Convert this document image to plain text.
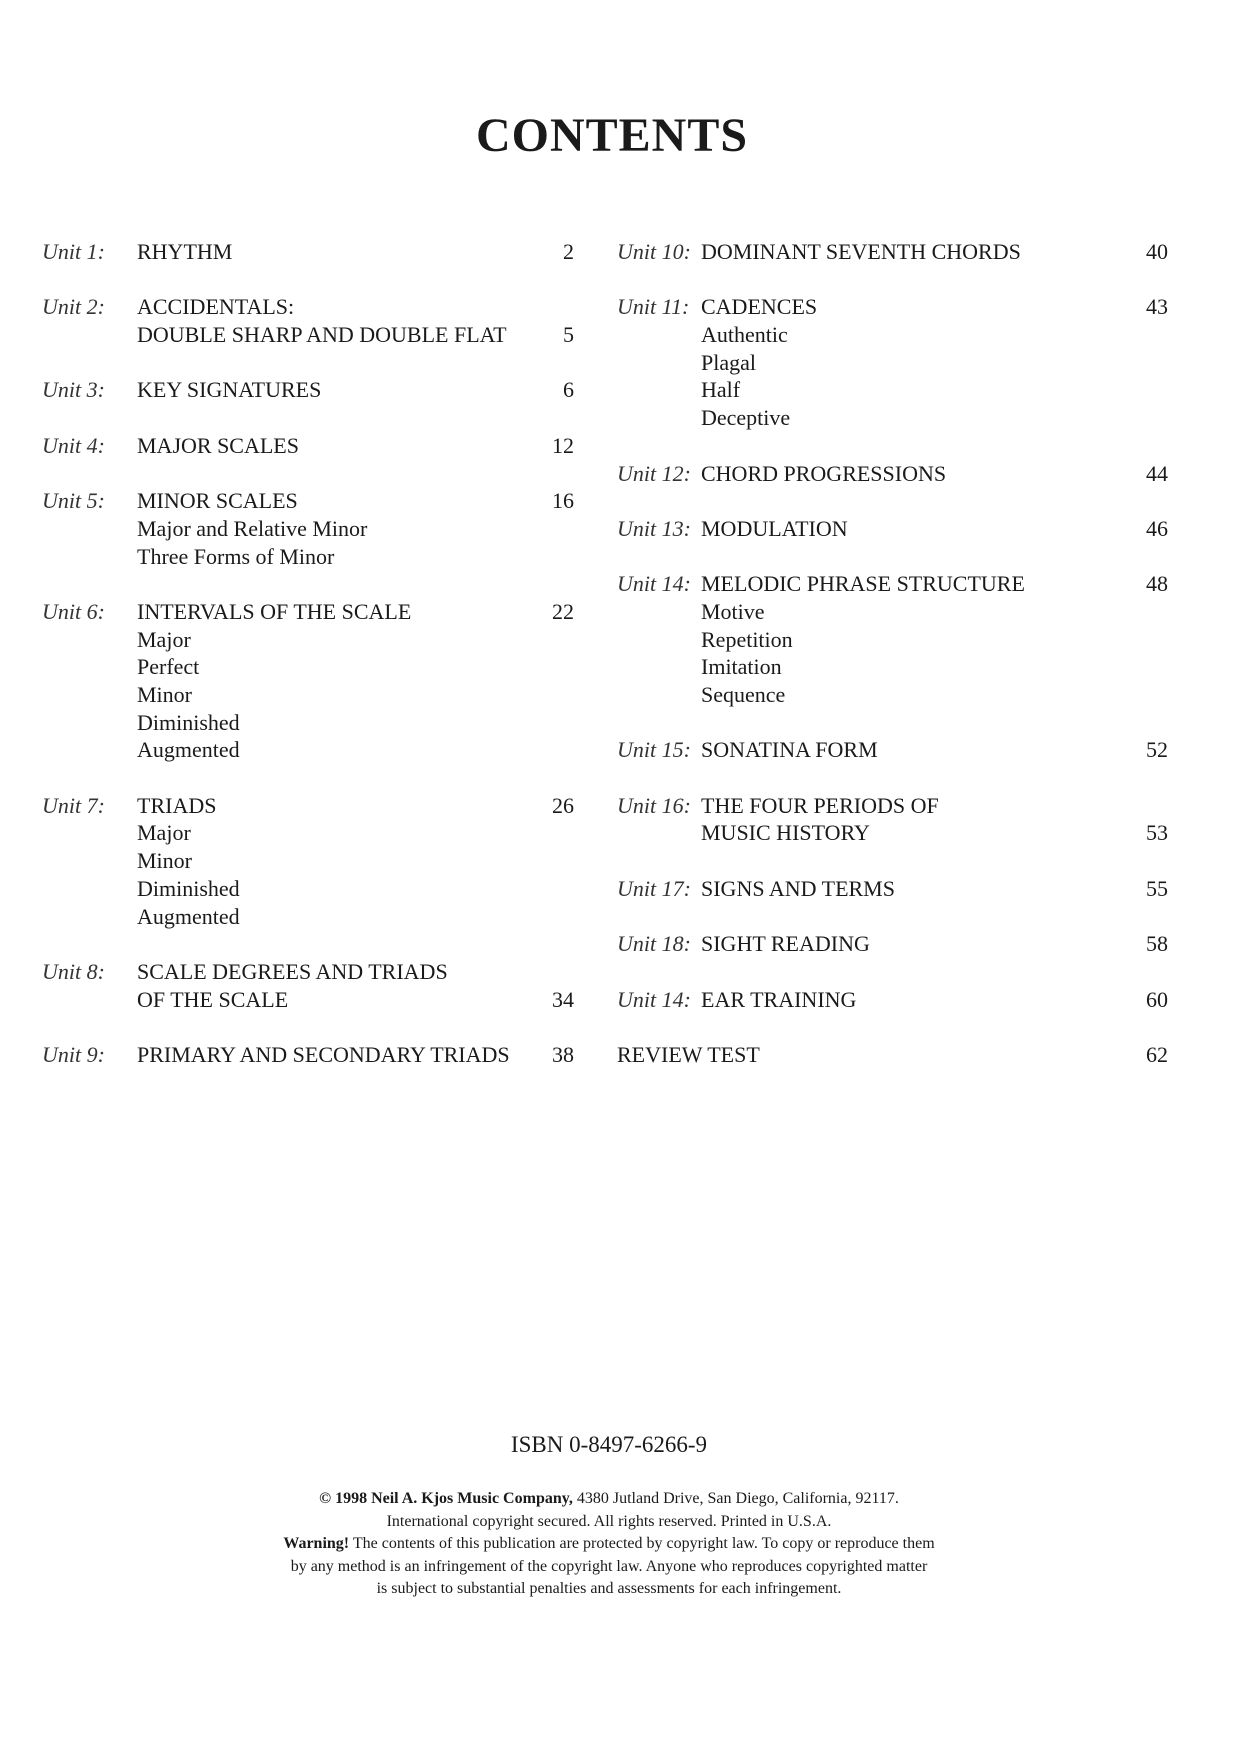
CONTENTS
Unit 1: RHYTHM	2
Unit 2: ACCIDENTALS:
DOUBLE SHARP AND DOUBLE FLAT	5
Unit 3: KEY SIGNATURES	6
Unit 4: MAJOR SCALES	12
Unit 5: MINOR SCALES	16
Major and Relative Minor
Three Forms of Minor
Unit 6: INTERVALS OF THE SCALE	22
Major
Perfect
Minor
Diminished
Augmented
Unit 7: TRIADS	26
Major
Minor
Diminished
Augmented
Unit 8: SCALE DEGREES AND TRIADS
OF THE SCALE	34
Unit 9: PRIMARY AND SECONDARY TRIADS 38
Unit 10: DOMINANT SEVENTH CHORDS	40
Unit 11: CADENCES	43
Authentic
Plagal
Half
Deceptive
Unit 12: CHORD PROGRESSIONS	44
Unit 13: MODULATION	46
Unit 14: MELODIC PHRASE STRUCTURE	48
Motive
Repetition
Imitation
Sequence
Unit 15: SONATINA FORM	52
Unit 16: THE FOUR PERIODS OF
MUSIC HISTORY	53
Unit 17: SIGNS AND TERMS	55
Unit 18: SIGHT READING	58
Unit 14: EAR TRAINING	60
REVIEW TEST	62
ISBN 0-8497-6266-9
© 1998 Neil A. Kjos Music Company, 4380 Jutland Drive, San Diego, California, 92117.
International copyright secured. All rights reserved. Printed in U.S.A.
Warning! The contents of this publication are protected by copyright law. To copy or reproduce them
by any method is an infringement of the copyright law. Anyone who reproduces copyrighted matter
is subject to substantial penalties and assessments for each infringement.
